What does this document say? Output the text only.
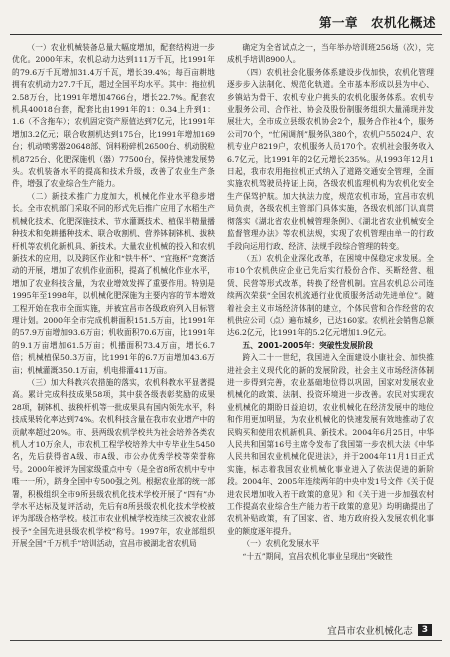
第一章　农机化概述

（一）农业机械装备总量大幅度增加，配套结构进一步优化。2000年末，农机总动力达到111万千瓦，比1991年的79.6万千瓦增加31.4万千瓦，增长39.4%；每百亩耕地拥有农机动力27.7千瓦，超过全国平均水平。其中：拖拉机2.58万台，比1991年增加4766台，增长22.7%。配套农机具40018台套，配套比由1991年的1：0.34上升到1：1.6（不含拖车）；农机固定资产原值达到7亿元，比1991年增加3.2亿元；联合收割机达到175台，比1991年增加169台；机动喷雾器20648部、饲料粉碎机26500台、机动脱粒机8725台、化肥深施机（器）77500台，保持快速发展势头。农机装备水平的提高和技术升级，改善了农业生产条件，增强了农业综合生产能力。

（二）新技术推广力度加大，机械化作业水平稳步增长。全市农机部门采取不同的形式先后推广应用了水稻生产机械化技术、化肥深施技术、节水灌溉技术、植保半精量播种技术和免耕播种技术、联合收割机、营养钵制钵机、拔秧杆机等农机化新机具、新技术。大量农业机械的投入和农机新技术的应用，以及跨区作业和“铁牛杯”、“宜拖杯”竞赛活动的开展，增加了农机作业面积，提高了机械化作业水平，增加了农业科技含量，为农业增效发挥了重要作用。特别是1995年至1998年，以机械化肥深施为主要内容的节本增效工程开始在我市全面实施，并被宜昌市各级政府列入目标管理计划。2000年全市完成机耕面积151.5万亩，比1991年的57.9万亩增加93.6万亩；机收面积70.6万亩，比1991年的9.1万亩增加61.5万亩；机播面积73.4万亩，增长6.7倍；机械植保50.3万亩，比1991年的6.7万亩增加43.6万亩；机械灌溉350.1万亩，机电排灌411万亩。

（三）加大科教兴农措施的落实，农机科教水平显著提高。累计完成科技成果58项，其中获各级表彰奖励的成果28项，制钵机、拔秧杆机等一批成果具有国内领先水平，科技成果转化率达到74%。农机科技含量在我市农业增产中的贡献率超过20%。市、县两级农机学校共为社会培养各类农机人才10万余人，市农机工程学校培养大中专毕业生5450名，先后获得省A级、市A级、市公办优秀学校等荣誉称号。2000年被评为国家级重点中专（是全省8所农机中专中唯一一所），跻身全国中专500强之列。根据农业部的统一部署，积极组织全市9所县级农机化技术学校开展了“四有”办学水平达标及复评活动，先后有8所县级农机化技术学校被评为部级合格学校。枝江市农业机械学校连续三次被农业部授予“全国先进县级农机学校”称号。1997年，农业部组织开展全国“千万机手”培训活动，宜昌市被湖北省农机局

确定为全省试点之一，当年举办培训班256场（次），完成机手培训8900人。

（四）农机社会化服务体系建设步伐加快，农机化管理逐步步入法制化、规范化轨道。全市基本形成以县为中心、乡镇站为骨干、农机专业户挑头的农机化服务体系。农机专业服务公司、合作社、协会及股份制服务组织大量涌现并发展壮大，全市成立县级农机协会2个，服务合作社4个，服务公司70个，“忙闲调剂”服务队380个，农机户55024户、农机专业户8219户，农机服务人员170个。农机社会服务收入6.7亿元，比1991年的2亿元增长235%。从1993年12月1日起，我市农用拖拉机正式纳入了道路交通安全管理，全面实施农机驾驶员持证上岗，各级农机监理机构为农机化安全生产保驾护航。加大执法力度，规范农机市场，宜昌市农机局负责，各级农机主管部门具体实施，各级农机部门认真贯彻落实《湖北省农业机械管理条例》、《湖北省农业机械安全监督管理办法》等农机法规，实现了农机管理由单一的行政手段向运用行政、经济、法规手段综合管理的转变。

（五）农机企业深化改革，在困境中保稳定求发展。全市10个农机供应企业已先后实行股份合作、买断经营、租赁、民营等形式改革，转换了经营机制。宜昌农机总公司连续两次荣获“全国农机流通行业优质服务活动先进单位”。随着社会主义市场经济体制的建立，个体民营和合作经营的农机供应公司（点）遍布城乡，已达160家。农机社会销售总额达6.2亿元，比1991年的5.2亿元增加1.9亿元。

五、2001-2005年：突破性发展阶段

跨入二十一世纪，我国进入全面建设小康社会、加快推进社会主义现代化的新的发展阶段，社会主义市场经济体制进一步得到完善，农业基础地位得以巩固，国家对发展农业机械化的政策、法制、投资环境进一步改善。农民对实现农业机械化的期盼日益迫切，农业机械化在经济发展中的地位和作用更加明显，为农业机械化的快速发展有效地推动了农民购买和使用农机新机具、新技术。2004年6月25日，中华人民共和国第16号主席令发布了我国第一步农机大法《中华人民共和国农业机械化促进法》，并于2004年11月1日正式实施，标志着我国农业机械化事业进入了依法促进的新阶段。2004年、2005年连续两年的中央中发1号文件《关于促进农民增加收入若干政策的意见》和《关于进一步加强农村工作提高农业综合生产能力若干政策的意见》均明确提出了农机补贴政策，有了国家、省、地方政府投入发展农机化事业的额度逐年提升。

（一）农机化发展水平

“十五”期间，宜昌农机化事业呈现出“突破性

宜昌市农业机械化志	3
